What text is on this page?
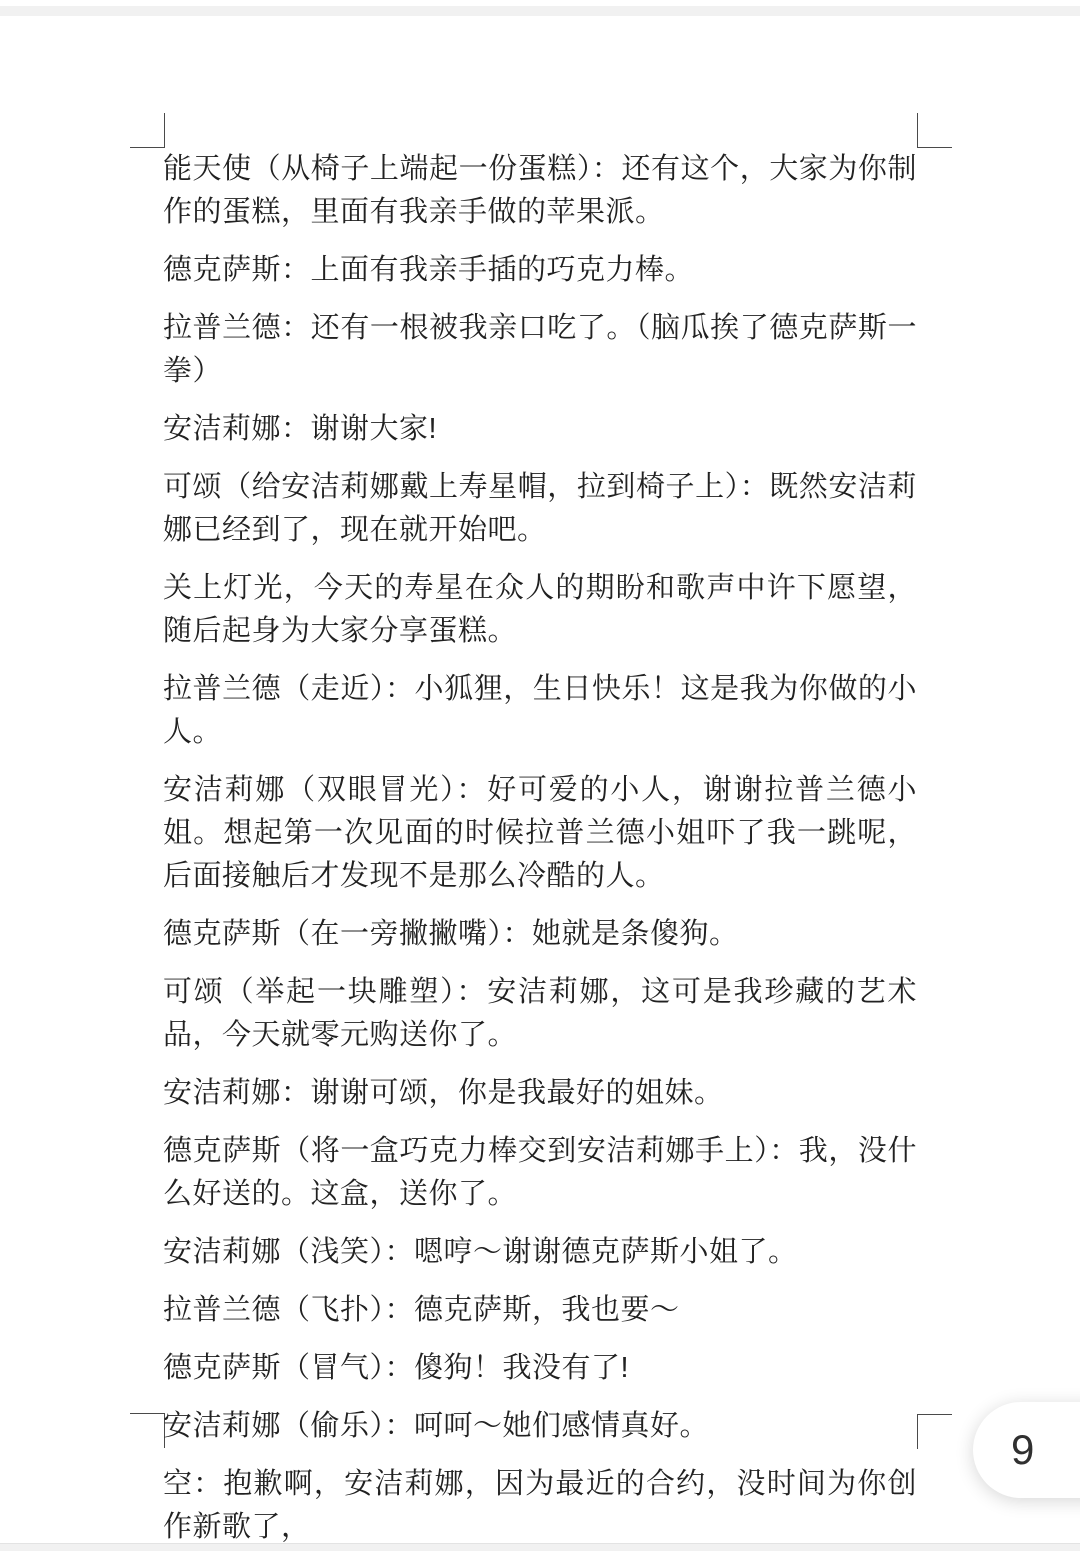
能天使（从椅子上端起一份蛋糕）：还有这个，大家为你制作的蛋糕，里面有我亲手做的苹果派。

德克萨斯：上面有我亲手插的巧克力棒。

拉普兰德：还有一根被我亲口吃了。（脑瓜挨了德克萨斯一拳）

安洁莉娜：谢谢大家!

可颂（给安洁莉娜戴上寿星帽，拉到椅子上）：既然安洁莉娜已经到了，现在就开始吧。

关上灯光，今天的寿星在众人的期盼和歌声中许下愿望，随后起身为大家分享蛋糕。

拉普兰德（走近）：小狐狸，生日快乐！这是我为你做的小人。

安洁莉娜（双眼冒光）：好可爱的小人，谢谢拉普兰德小姐。想起第一次见面的时候拉普兰德小姐吓了我一跳呢，后面接触后才发现不是那么冷酷的人。

德克萨斯（在一旁撇撇嘴）：她就是条傻狗。

可颂（举起一块雕塑）：安洁莉娜，这可是我珍藏的艺术品，今天就零元购送你了。

安洁莉娜：谢谢可颂，你是我最好的姐妹。

德克萨斯（将一盒巧克力棒交到安洁莉娜手上）：我，没什么好送的。这盒，送你了。

安洁莉娜（浅笑）：嗯哼～谢谢德克萨斯小姐了。

拉普兰德（飞扑）：德克萨斯，我也要～

德克萨斯（冒气）：傻狗！我没有了!

安洁莉娜（偷乐）：呵呵～她们感情真好。

空：抱歉啊，安洁莉娜，因为最近的合约，没时间为你创作新歌了，

9
